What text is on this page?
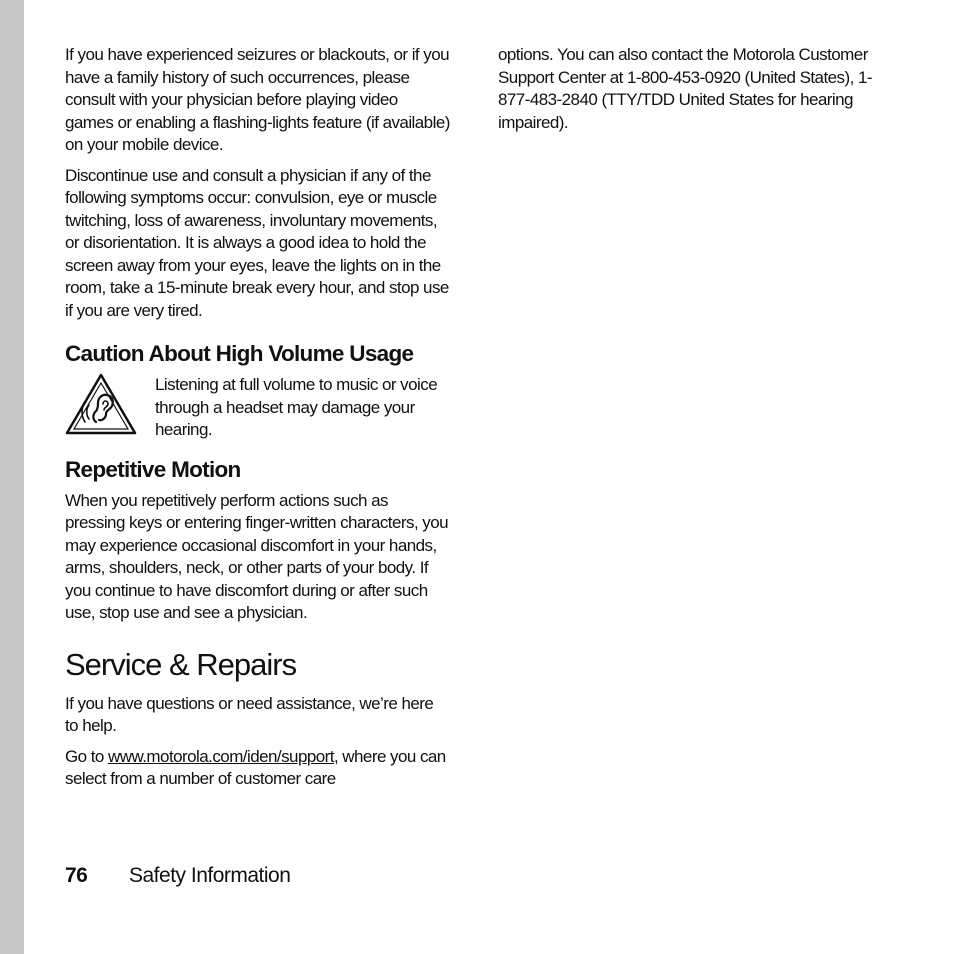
If you have experienced seizures or blackouts, or if you have a family history of such occurrences, please consult with your physician before playing video games or enabling a flashing-lights feature (if available) on your mobile device.

Discontinue use and consult a physician if any of the following symptoms occur: convulsion, eye or muscle twitching, loss of awareness, involuntary movements, or disorientation. It is always a good idea to hold the screen away from your eyes, leave the lights on in the room, take a 15-minute break every hour, and stop use if you are very tired.

Caution About High Volume Usage

Listening at full volume to music or voice through a headset may damage your hearing.

Repetitive Motion

When you repetitively perform actions such as pressing keys or entering finger-written characters, you may experience occasional discomfort in your hands, arms, shoulders, neck, or other parts of your body. If you continue to have discomfort during or after such use, stop use and see a physician.

Service & Repairs

If you have questions or need assistance, we’re here to help.

Go to www.motorola.com/iden/support, where you can select from a number of customer care

options. You can also contact the Motorola Customer Support Center at 1-800-453-0920 (United States), 1-877-483-2840 (TTY/TDD United States for hearing impaired).

76	Safety Information
